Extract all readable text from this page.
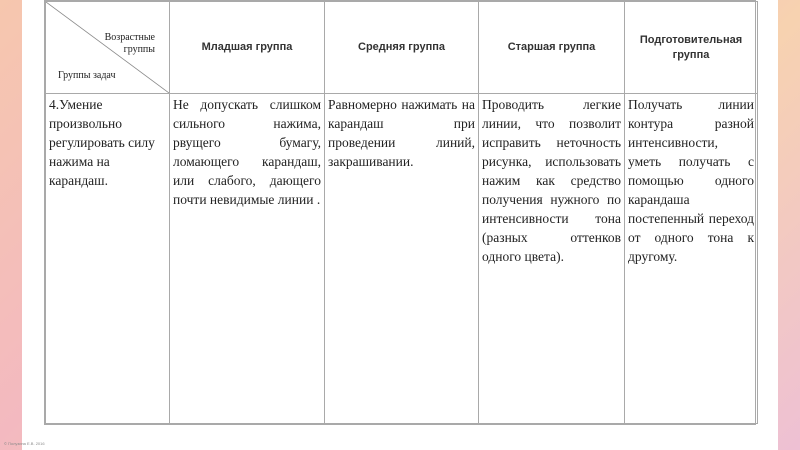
Возрастные
группы
Группы задач	Младшая группа	Средняя группа	Старшая группа	Подготовительная группа
4.Умение произвольно регулировать силу нажима на карандаш.	Не допускать слишком сильного нажима, рвущего бумагу, ломающего карандаш, или слабого, дающего почти невидимые линии .	Равномерно нажимать на карандаш при проведении линий, закрашивании.	Проводить легкие линии, что позволит исправить неточность рисунка, использовать нажим как средство получения нужного по интенсивности тона (разных оттенков одного цвета).	Получать линии контура разной интенсивности, уметь получать с помощью одного карандаша постепенный переход от одного тона к другому.
© Полузина Е.В. 2016
